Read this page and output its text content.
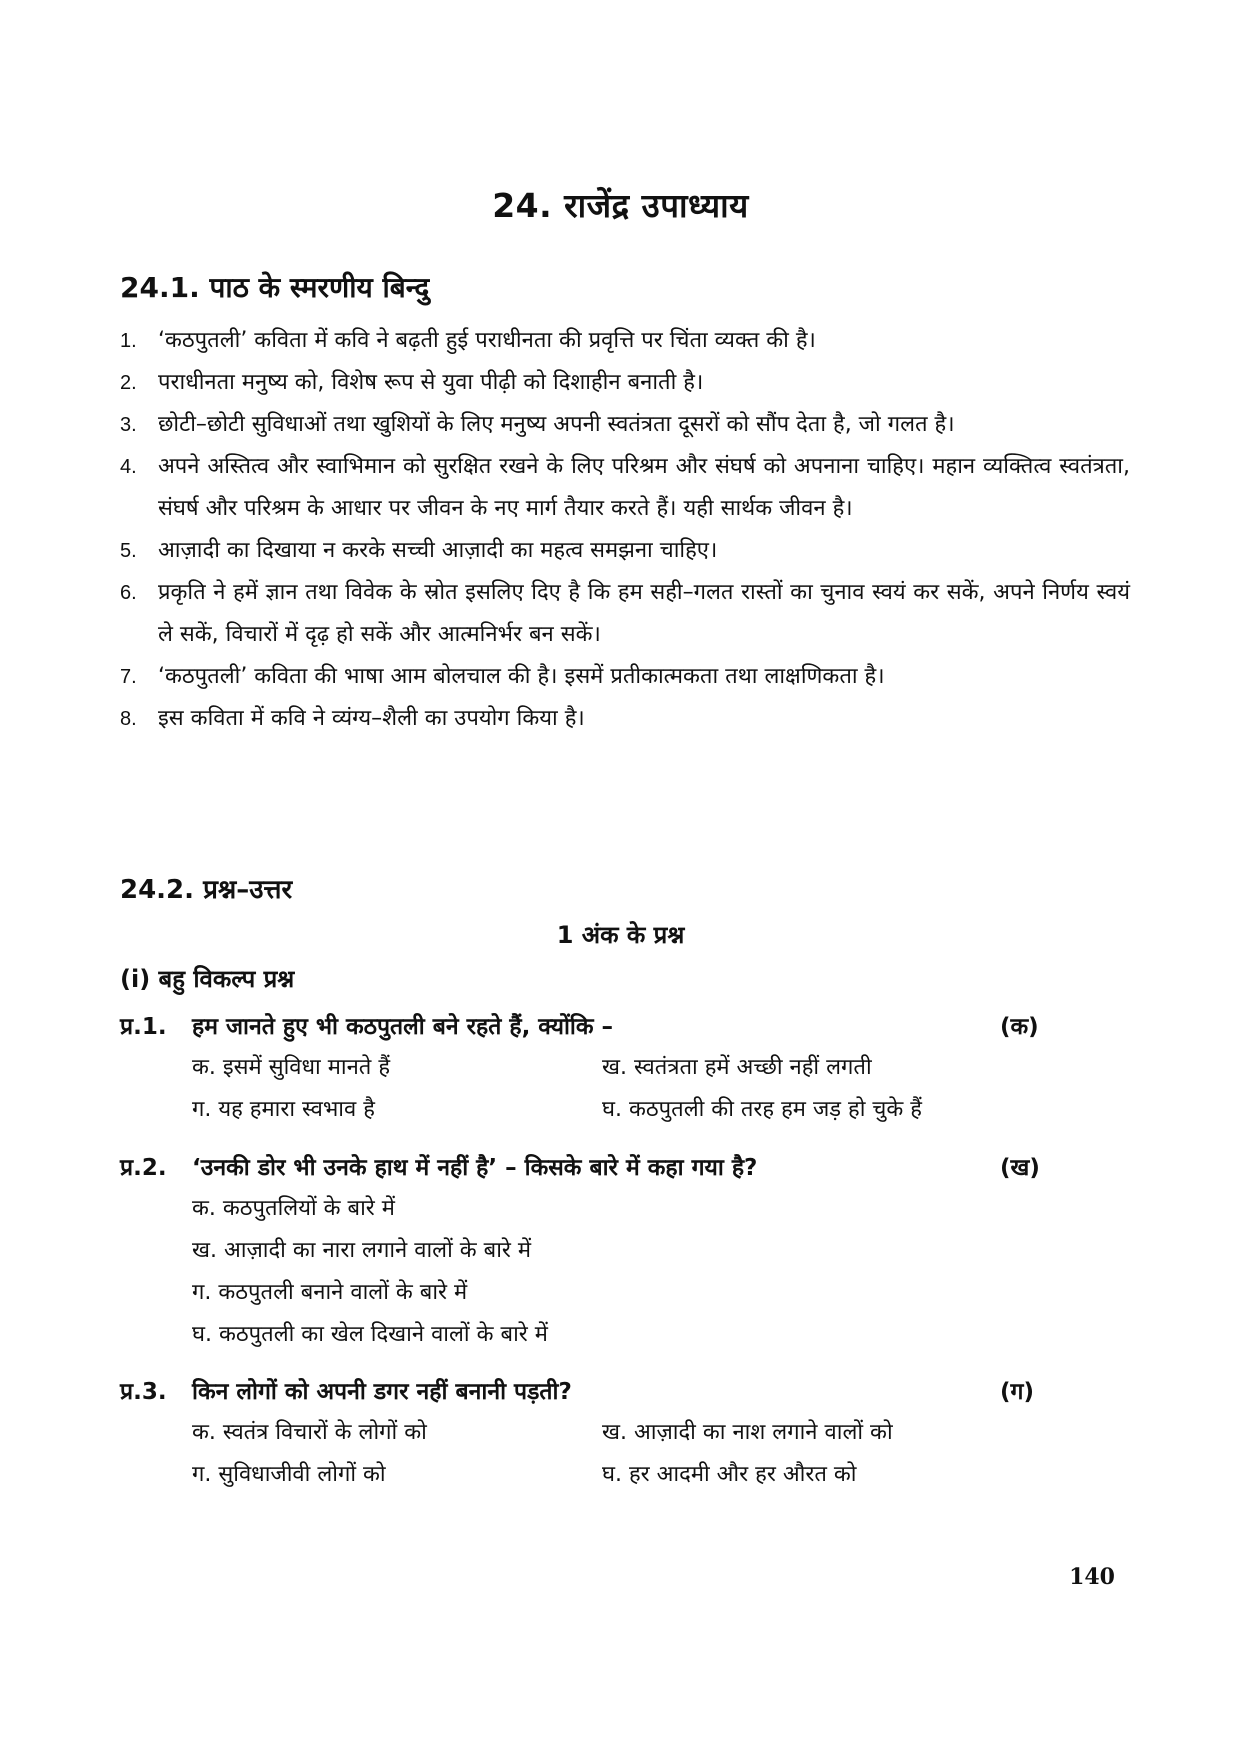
24. राजेंद्र उपाध्याय
24.1. पाठ के स्मरणीय बिन्दु
1. ‘कठपुतली’ कविता में कवि ने बढ़ती हुई पराधीनता की प्रवृत्ति पर चिंता व्यक्त की है।
2. पराधीनता मनुष्य को, विशेष रूप से युवा पीढ़ी को दिशाहीन बनाती है।
3. छोटी–छोटी सुविधाओं तथा खुशियों के लिए मनुष्य अपनी स्वतंत्रता दूसरों को सौंप देता है, जो गलत है।
4. अपने अस्तित्व और स्वाभिमान को सुरक्षित रखने के लिए परिश्रम और संघर्ष को अपनाना चाहिए। महान व्यक्तित्व स्वतंत्रता, संघर्ष और परिश्रम के आधार पर जीवन के नए मार्ग तैयार करते हैं। यही सार्थक जीवन है।
5. आज़ादी का दिखाया न करके सच्ची आज़ादी का महत्व समझना चाहिए।
6. प्रकृति ने हमें ज्ञान तथा विवेक के स्रोत इसलिए दिए है कि हम सही–गलत रास्तों का चुनाव स्वयं कर सकें, अपने निर्णय स्वयं ले सकें, विचारों में दृढ़ हो सकें और आत्मनिर्भर बन सकें।
7. ‘कठपुतली’ कविता की भाषा आम बोलचाल की है। इसमें प्रतीकात्मकता तथा लाक्षणिकता है।
8. इस कविता में कवि ने व्यंग्य–शैली का उपयोग किया है।
24.2. प्रश्न–उत्तर
1 अंक के प्रश्न
(i) बहु विकल्प प्रश्न
प्र.1.	हम जानते हुए भी कठपुतली बने रहते हैं, क्योंकि –	(क)
क. इसमें सुविधा मानते हैं	ख. स्वतंत्रता हमें अच्छी नहीं लगती
ग. यह हमारा स्वभाव है	घ. कठपुतली की तरह हम जड़ हो चुके हैं
प्र.2.	‘उनकी डोर भी उनके हाथ में नहीं है’ – किसके बारे में कहा गया है?	(ख)
क. कठपुतलियों के बारे में
ख. आज़ादी का नारा लगाने वालों के बारे में
ग. कठपुतली बनाने वालों के बारे में
घ. कठपुतली का खेल दिखाने वालों के बारे में
प्र.3.	किन लोगों को अपनी डगर नहीं बनानी पड़ती?	(ग)
क. स्वतंत्र विचारों के लोगों को	ख. आज़ादी का नाश लगाने वालों को
ग. सुविधाजीवी लोगों को	घ. हर आदमी और हर औरत को
140
